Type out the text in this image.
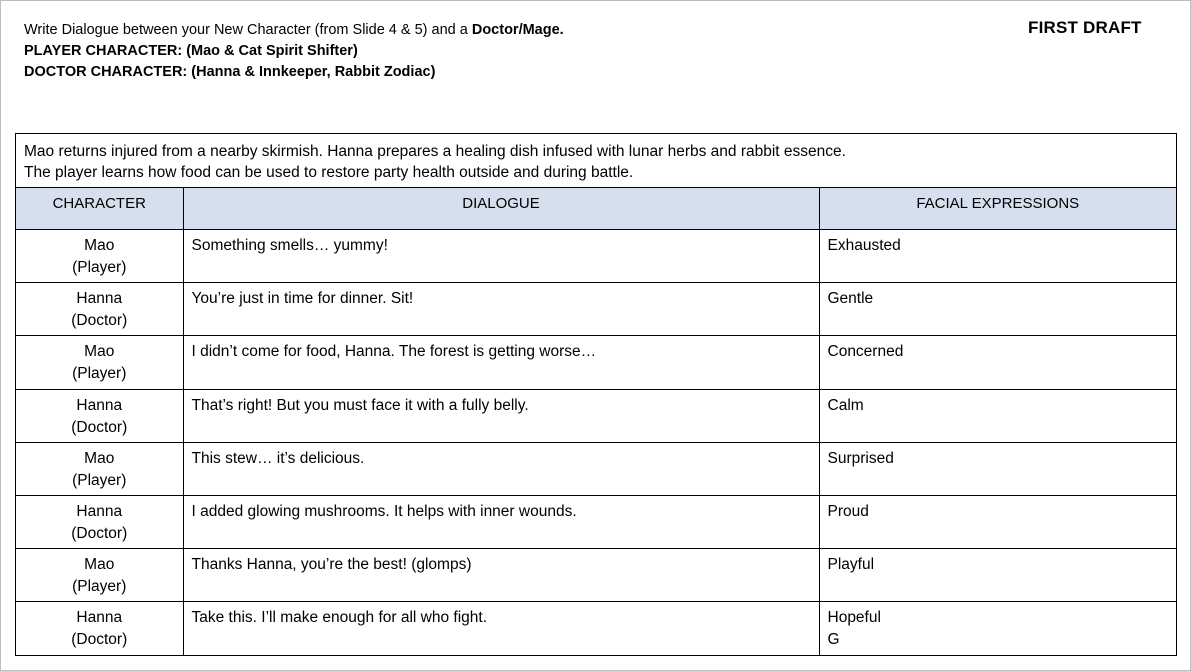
Write Dialogue between your New Character (from Slide 4 & 5) and a Doctor/Mage.
PLAYER CHARACTER: (Mao & Cat Spirit Shifter)
DOCTOR CHARACTER: (Hanna & Innkeeper, Rabbit Zodiac)
FIRST DRAFT
Mao returns injured from a nearby skirmish. Hanna prepares a healing dish infused with lunar herbs and rabbit essence.
The player learns how food can be used to restore party health outside and during battle.
CHARACTER	DIALOGUE	FACIAL EXPRESSIONS

Mao
(Player)	Something smells… yummy!	Exhausted

Hanna
(Doctor)	You’re just in time for dinner. Sit!	Gentle

Mao
(Player)	I didn’t come for food, Hanna. The forest is getting worse…	Concerned

Hanna
(Doctor)	That’s right! But you must face it with a fully belly.	Calm

Mao
(Player)	This stew… it’s delicious.	Surprised

Hanna
(Doctor)	I added glowing mushrooms. It helps with inner wounds.	Proud

Mao
(Player)	Thanks Hanna, you’re the best! (glomps)	Playful

Hanna
(Doctor)	Take this. I’ll make enough for all who fight.	Hopeful
G
